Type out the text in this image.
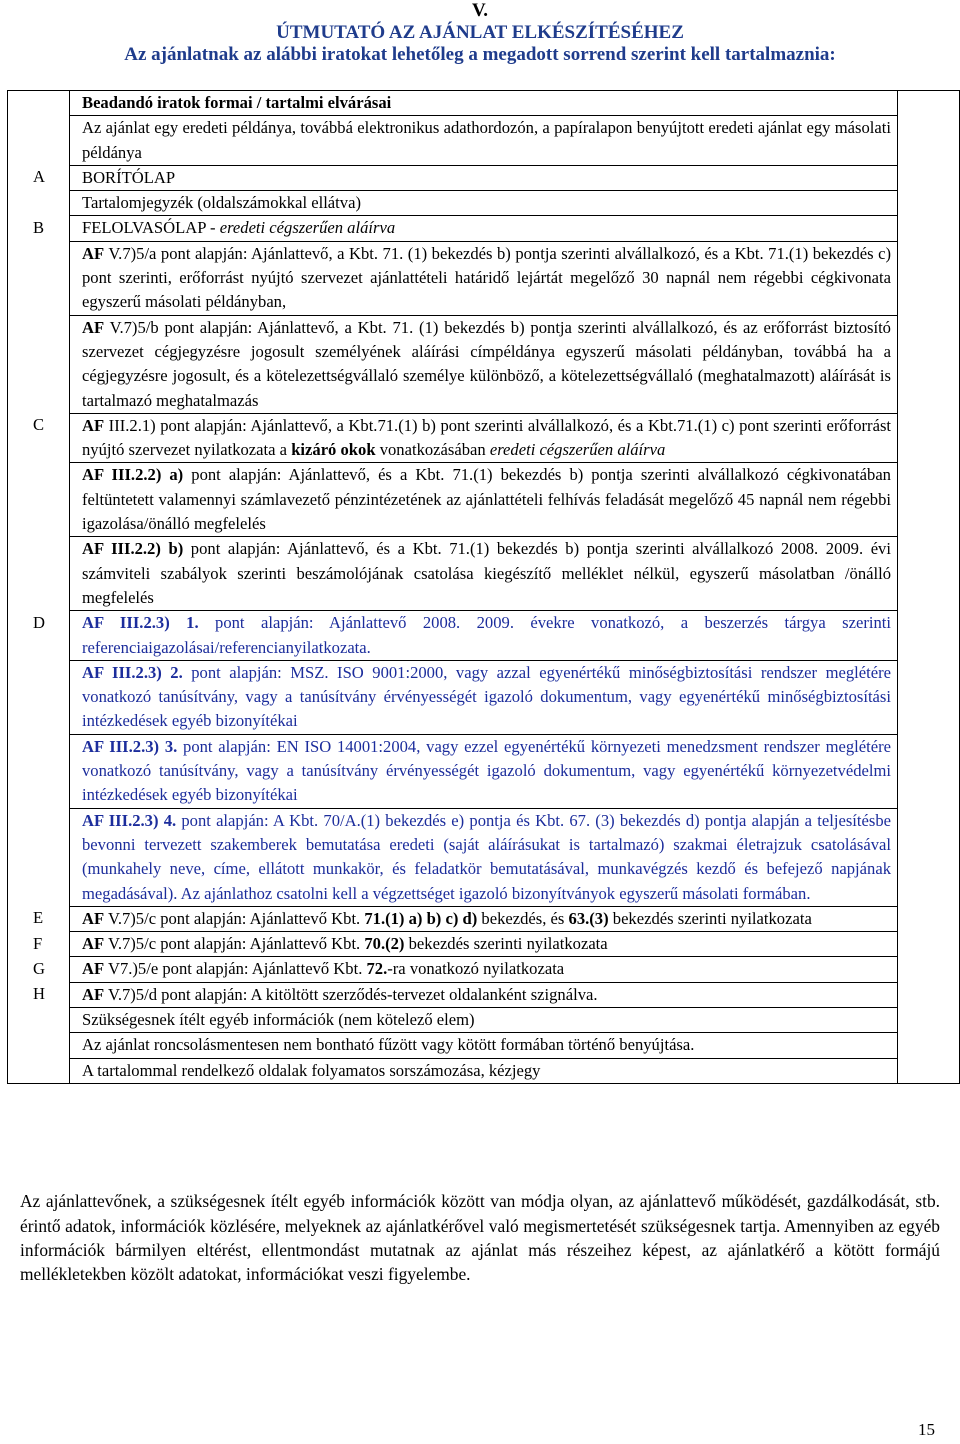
V.

ÚTMUTATÓ AZ AJÁNLAT ELKÉSZÍTÉSÉHEZ

Az ajánlatnak az alábbi iratokat lehetőleg a megadott sorrend szerint kell tartalmaznia:

	Beadandó iratok formai / tartalmi elvárásai	
	Az ajánlat egy eredeti példánya, továbbá elektronikus adathordozón, a papíralapon benyújtott eredeti ajánlat egy másolati példánya	
A	BORÍTÓLAP	
	Tartalomjegyzék (oldalszámokkal ellátva)	
B	FELOLVASÓLAP - eredeti cégszerűen aláírva	
	AF V.7)5/a pont alapján: Ajánlattevő, a Kbt. 71. (1) bekezdés b) pontja szerinti alvállalkozó, és a Kbt. 71.(1) bekezdés c) pont szerinti, erőforrást nyújtó szervezet ajánlattételi határidő lejártát megelőző 30 napnál nem régebbi cégkivonata egyszerű másolati példányban,	
	AF V.7)5/b pont alapján: Ajánlattevő, a Kbt. 71. (1) bekezdés b) pontja szerinti alvállalkozó, és az erőforrást biztosító szervezet cégjegyzésre jogosult személyének aláírási címpéldánya egyszerű másolati példányban, továbbá ha a cégjegyzésre jogosult, és a kötelezettségvállaló személye különböző, a kötelezettségvállaló (meghatalmazott) aláírását is tartalmazó meghatalmazás	
C	AF III.2.1) pont alapján: Ajánlattevő, a Kbt.71.(1) b) pont szerinti alvállalkozó, és a Kbt.71.(1) c) pont szerinti erőforrást nyújtó szervezet nyilatkozata a kizáró okok vonatkozásában eredeti cégszerűen aláírva	
	AF III.2.2) a) pont alapján: Ajánlattevő, és a Kbt. 71.(1) bekezdés b) pontja szerinti alvállalkozó cégkivonatában feltüntetett valamennyi számlavezető pénzintézetének az ajánlattételi felhívás feladását megelőző 45 napnál nem régebbi igazolása/önálló megfelelés	
	AF III.2.2) b) pont alapján: Ajánlattevő, és a Kbt. 71.(1) bekezdés b) pontja szerinti alvállalkozó 2008. 2009. évi számviteli szabályok szerinti beszámolójának csatolása kiegészítő melléklet nélkül, egyszerű másolatban /önálló megfelelés	
D	AF III.2.3) 1. pont alapján: Ajánlattevő 2008. 2009. évekre vonatkozó, a beszerzés tárgya szerinti referenciaigazolásai/referencianyilatkozata.	
	AF III.2.3) 2. pont alapján: MSZ. ISO 9001:2000, vagy azzal egyenértékű minőségbiztosítási rendszer meglétére vonatkozó tanúsítvány, vagy a tanúsítvány érvényességét igazoló dokumentum, vagy egyenértékű minőségbiztosítási intézkedések egyéb bizonyítékai	
	AF III.2.3) 3. pont alapján: EN ISO 14001:2004, vagy ezzel egyenértékű környezeti menedzsment rendszer meglétére vonatkozó tanúsítvány, vagy a tanúsítvány érvényességét igazoló dokumentum, vagy egyenértékű környezetvédelmi intézkedések egyéb bizonyítékai	
	AF III.2.3) 4. pont alapján: A Kbt. 70/A.(1) bekezdés e) pontja és Kbt. 67. (3) bekezdés d) pontja alapján a teljesítésbe bevonni tervezett szakemberek bemutatása eredeti (saját aláírásukat is tartalmazó) szakmai életrajzuk csatolásával (munkahely neve, címe, ellátott munkakör, és feladatkör bemutatásával, munkavégzés kezdő és befejező napjának megadásával). Az ajánlathoz csatolni kell a végzettséget igazoló bizonyítványok egyszerű másolati formában.	
E	AF V.7)5/c pont alapján: Ajánlattevő Kbt. 71.(1) a) b) c) d) bekezdés, és 63.(3) bekezdés szerinti nyilatkozata	
F	AF V.7)5/c pont alapján: Ajánlattevő Kbt. 70.(2) bekezdés szerinti nyilatkozata	
G	AF V7.)5/e pont alapján: Ajánlattevő Kbt. 72.-ra vonatkozó nyilatkozata	
H	AF V.7)5/d pont alapján: A kitöltött szerződés-tervezet oldalanként szignálva.	
	Szükségesnek ítélt egyéb információk (nem kötelező elem)	
	Az ajánlat roncsolásmentesen nem bontható fűzött vagy kötött formában történő benyújtása.	
	A tartalommal rendelkező oldalak folyamatos sorszámozása, kézjegy	

Az ajánlattevőnek, a szükségesnek ítélt egyéb információk között van módja olyan, az ajánlattevő működését, gazdálkodását, stb. érintő adatok, információk közlésére, melyeknek az ajánlatkérővel való megismertetését szükségesnek tartja. Amennyiben az egyéb információk bármilyen eltérést, ellentmondást mutatnak az ajánlat más részeihez képest, az ajánlatkérő a kötött formájú mellékletekben közölt adatokat, információkat veszi figyelembe.

15
